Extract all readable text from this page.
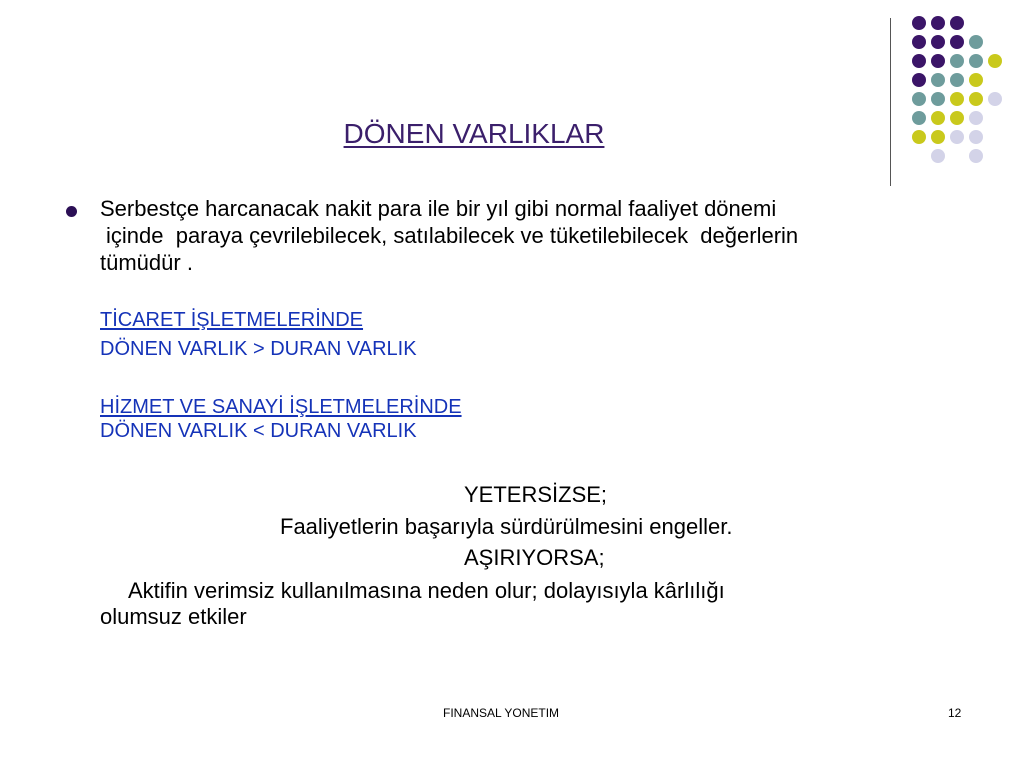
DÖNEN VARLIKLAR
Serbestçe harcanacak nakit para ile bir yıl gibi normal faaliyet dönemi
içinde  paraya çevrilebilecek, satılabilecek ve tüketilebilecek  değerlerin
tümüdür .
TİCARET İŞLETMELERİNDE
DÖNEN VARLIK > DURAN VARLIK
HİZMET VE SANAYİ İŞLETMELERİNDE
DÖNEN VARLIK < DURAN VARLIK
YETERSİZSE;
Faaliyetlerin başarıyla sürdürülmesini engeller.
AŞIRIYORSA;
Aktifin verimsiz kullanılmasına neden olur; dolayısıyla kârlılığı
olumsuz etkiler
FINANSAL YONETIM	12
